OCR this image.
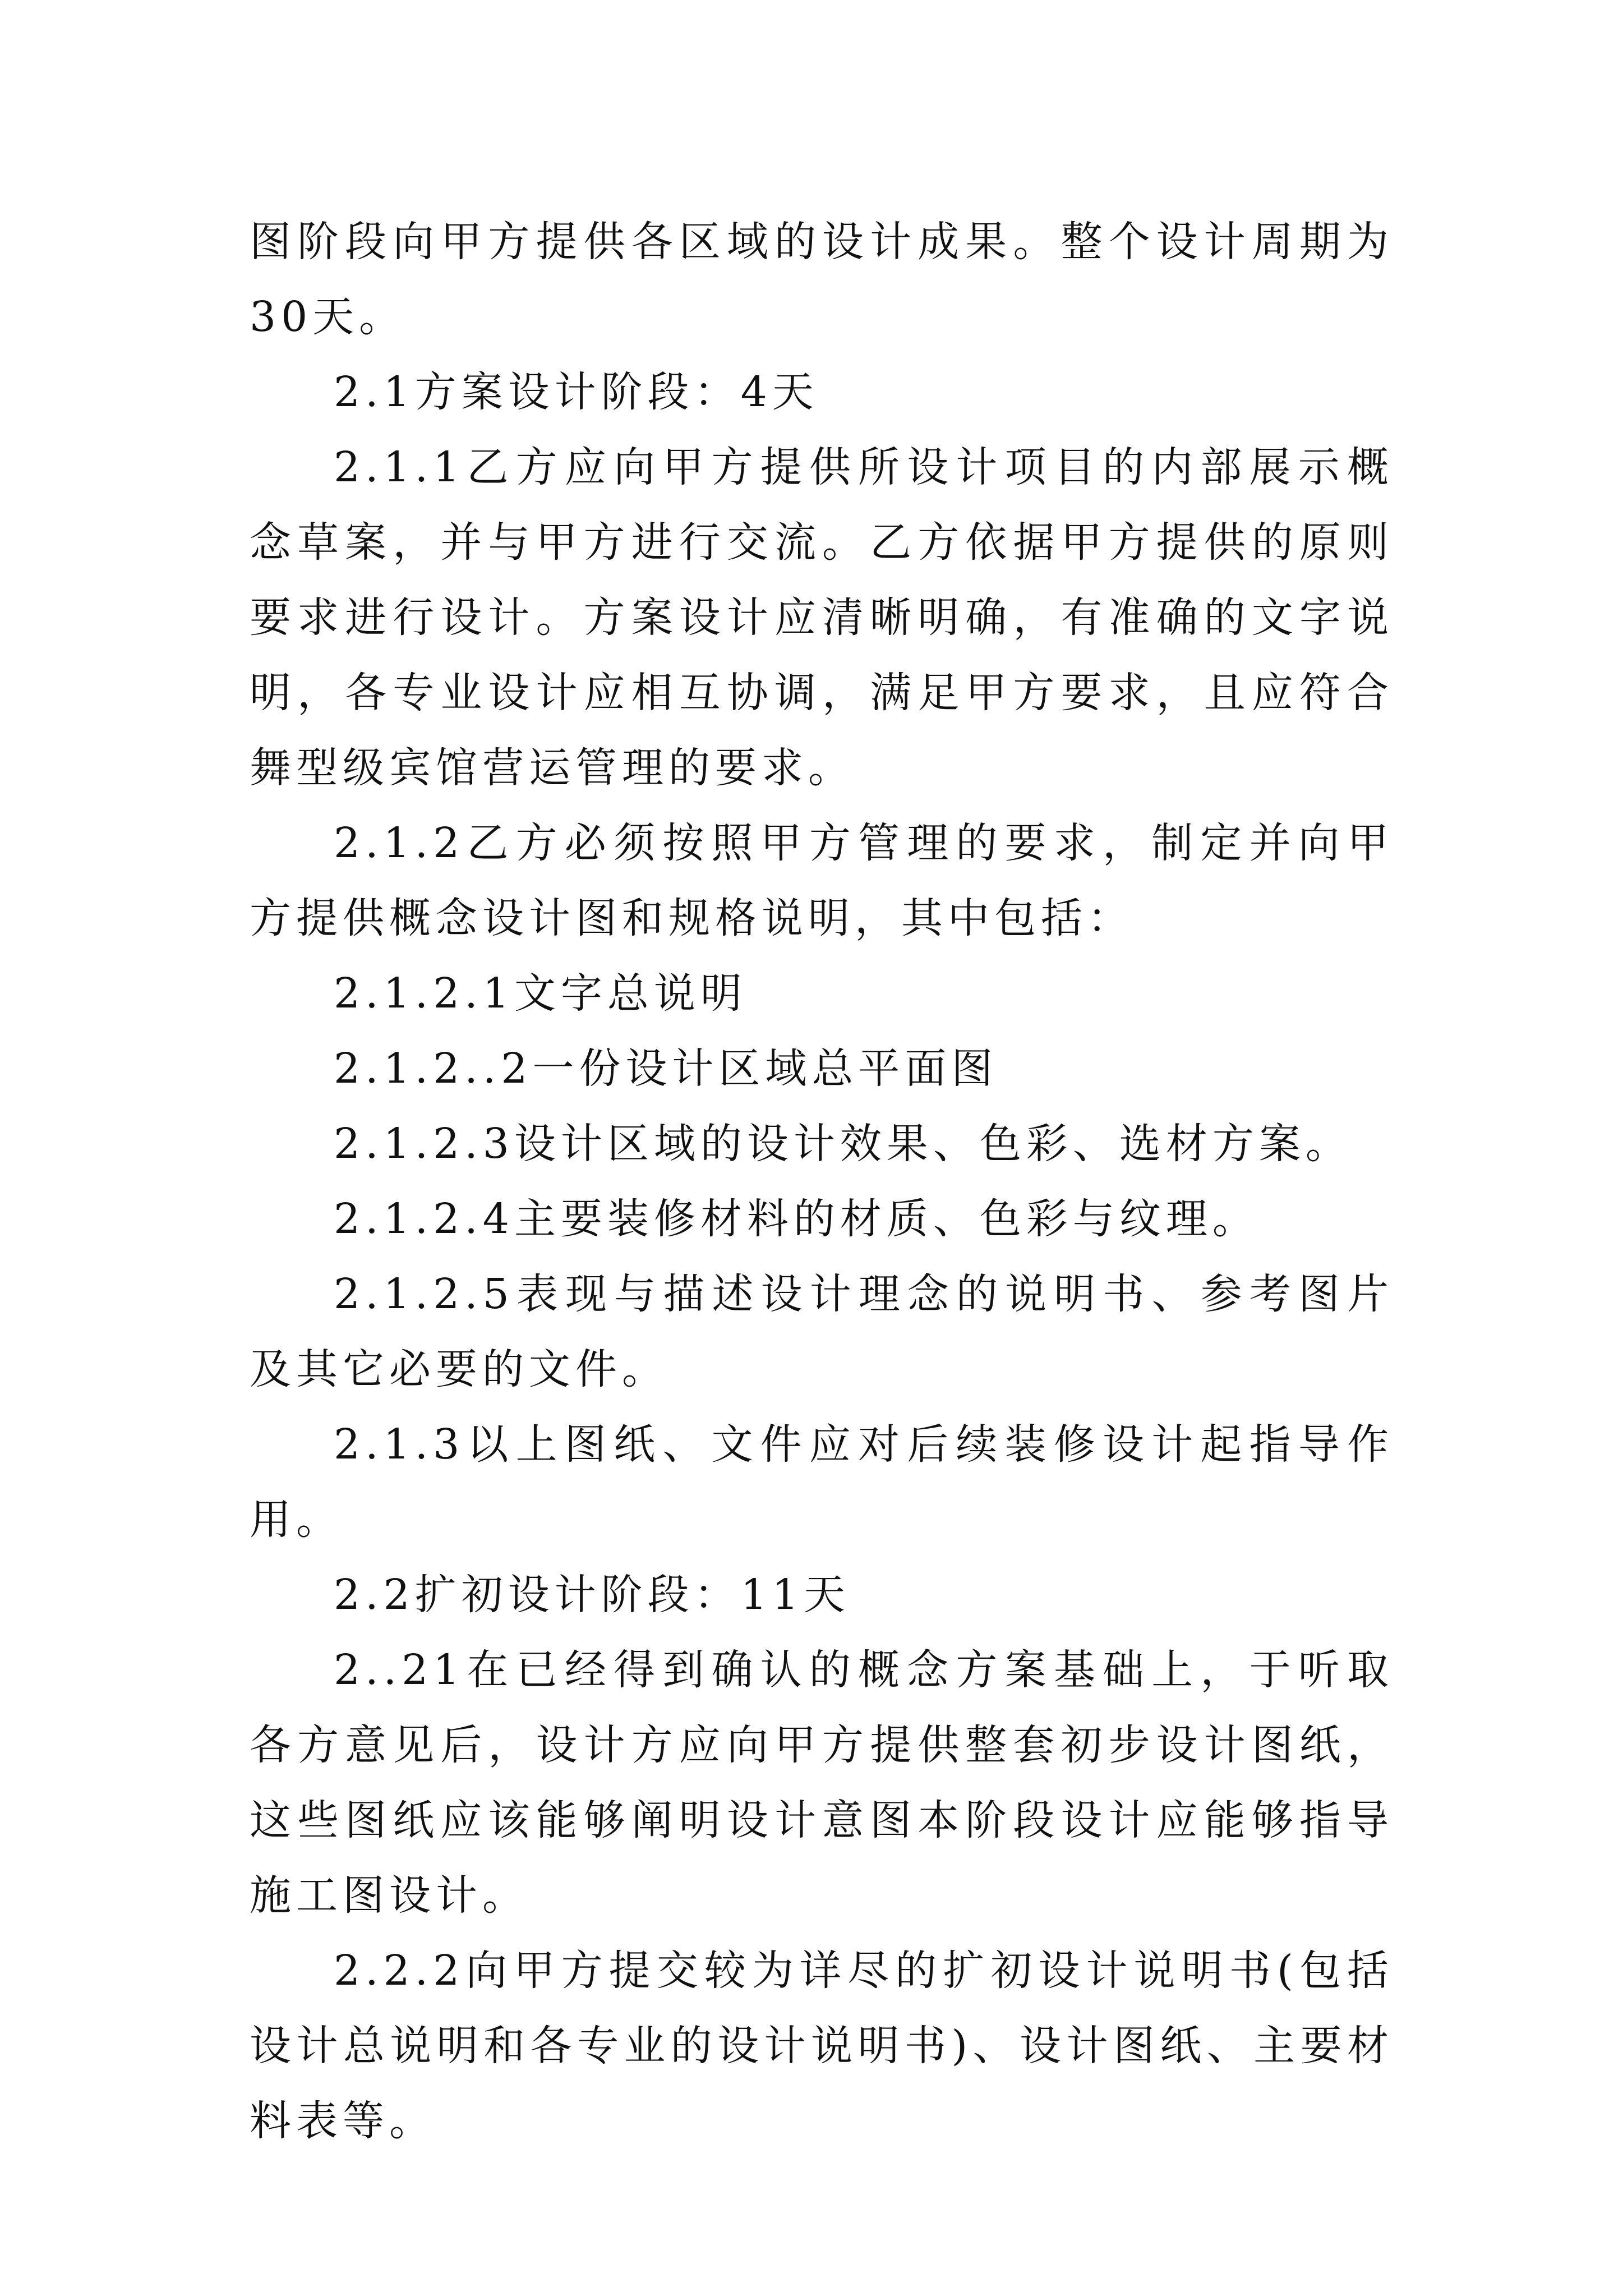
图阶段向甲方提供各区域的设计成果。整个设计周期为30天。

2.1方案设计阶段：4天

2.1.1乙方应向甲方提供所设计项目的内部展示概念草案，并与甲方进行交流。乙方依据甲方提供的原则要求进行设计。方案设计应清晰明确，有准确的文字说明，各专业设计应相互协调，满足甲方要求，且应符合舞型级宾馆营运管理的要求。

2.1.2乙方必须按照甲方管理的要求，制定并向甲方提供概念设计图和规格说明，其中包括：

2.1.2.1文字总说明

2.1.2..2一份设计区域总平面图

2.1.2.3设计区域的设计效果、色彩、选材方案。

2.1.2.4主要装修材料的材质、色彩与纹理。

2.1.2.5表现与描述设计理念的说明书、参考图片及其它必要的文件。

2.1.3以上图纸、文件应对后续装修设计起指导作用。

2.2扩初设计阶段：11天

2..21在已经得到确认的概念方案基础上，于听取各方意见后，设计方应向甲方提供整套初步设计图纸，这些图纸应该能够阐明设计意图本阶段设计应能够指导施工图设计。

2.2.2向甲方提交较为详尽的扩初设计说明书(包括设计总说明和各专业的设计说明书)、设计图纸、主要材料表等。
